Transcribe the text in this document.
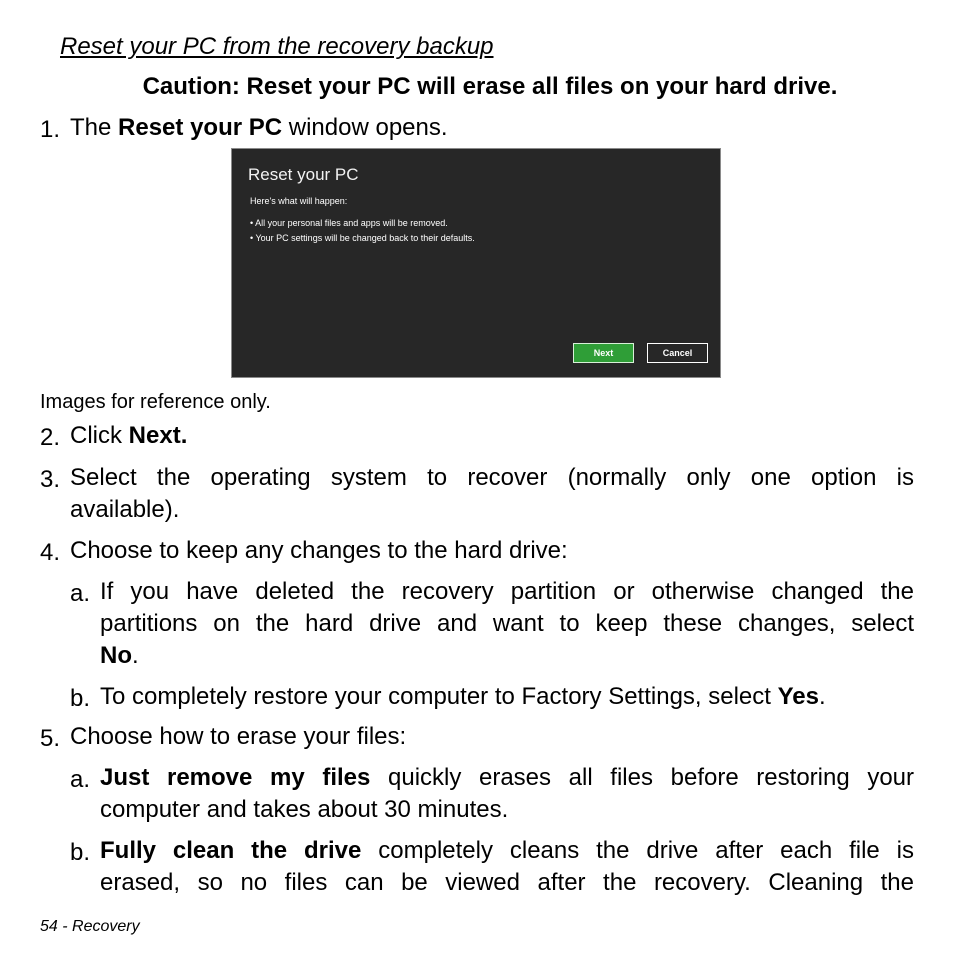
Reset your PC from the recovery backup
Caution: Reset your PC will erase all files on your hard drive.
1. The Reset your PC window opens.
Reset your PC
Here's what will happen:
• All your personal files and apps will be removed.
• Your PC settings will be changed back to their defaults.
Next	Cancel
Images for reference only.
2. Click Next.
3. Select the operating system to recover (normally only one option is
available).
4. Choose to keep any changes to the hard drive:
a. If you have deleted the recovery partition or otherwise changed the
partitions on the hard drive and want to keep these changes, select
No.
b. To completely restore your computer to Factory Settings, select Yes.
5. Choose how to erase your files:
a. Just remove my files quickly erases all files before restoring your
computer and takes about 30 minutes.
b. Fully clean the drive completely cleans the drive after each file is
erased, so no files can be viewed after the recovery. Cleaning the
54 - Recovery
